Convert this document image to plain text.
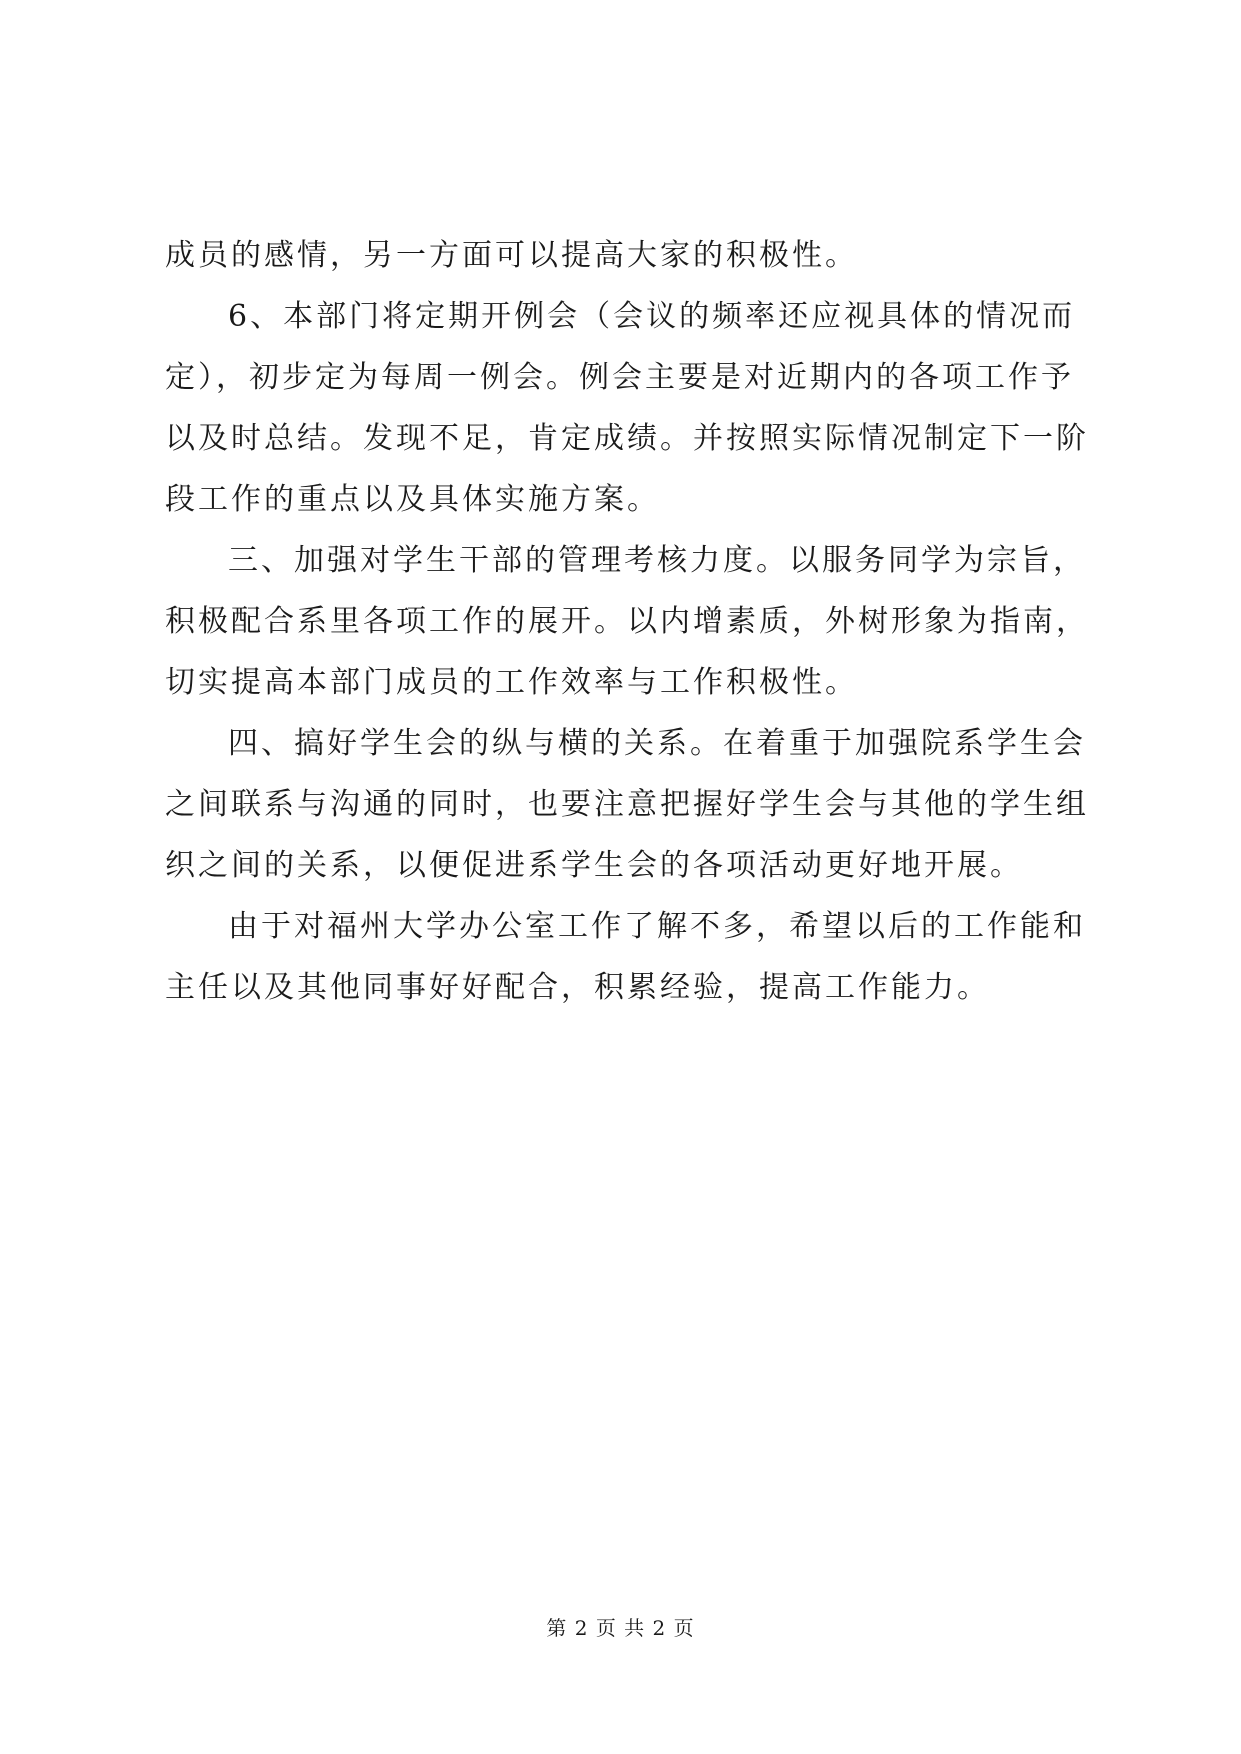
成员的感情，另一方面可以提高大家的积极性。
6、本部门将定期开例会（会议的频率还应视具体的情况而
定），初步定为每周一例会。例会主要是对近期内的各项工作予
以及时总结。发现不足，肯定成绩。并按照实际情况制定下一阶
段工作的重点以及具体实施方案。
三、加强对学生干部的管理考核力度。以服务同学为宗旨，
积极配合系里各项工作的展开。以内增素质，外树形象为指南，
切实提高本部门成员的工作效率与工作积极性。
四、搞好学生会的纵与横的关系。在着重于加强院系学生会
之间联系与沟通的同时，也要注意把握好学生会与其他的学生组
织之间的关系，以便促进系学生会的各项活动更好地开展。
由于对福州大学办公室工作了解不多，希望以后的工作能和
主任以及其他同事好好配合，积累经验，提高工作能力。
第 2 页 共 2 页
